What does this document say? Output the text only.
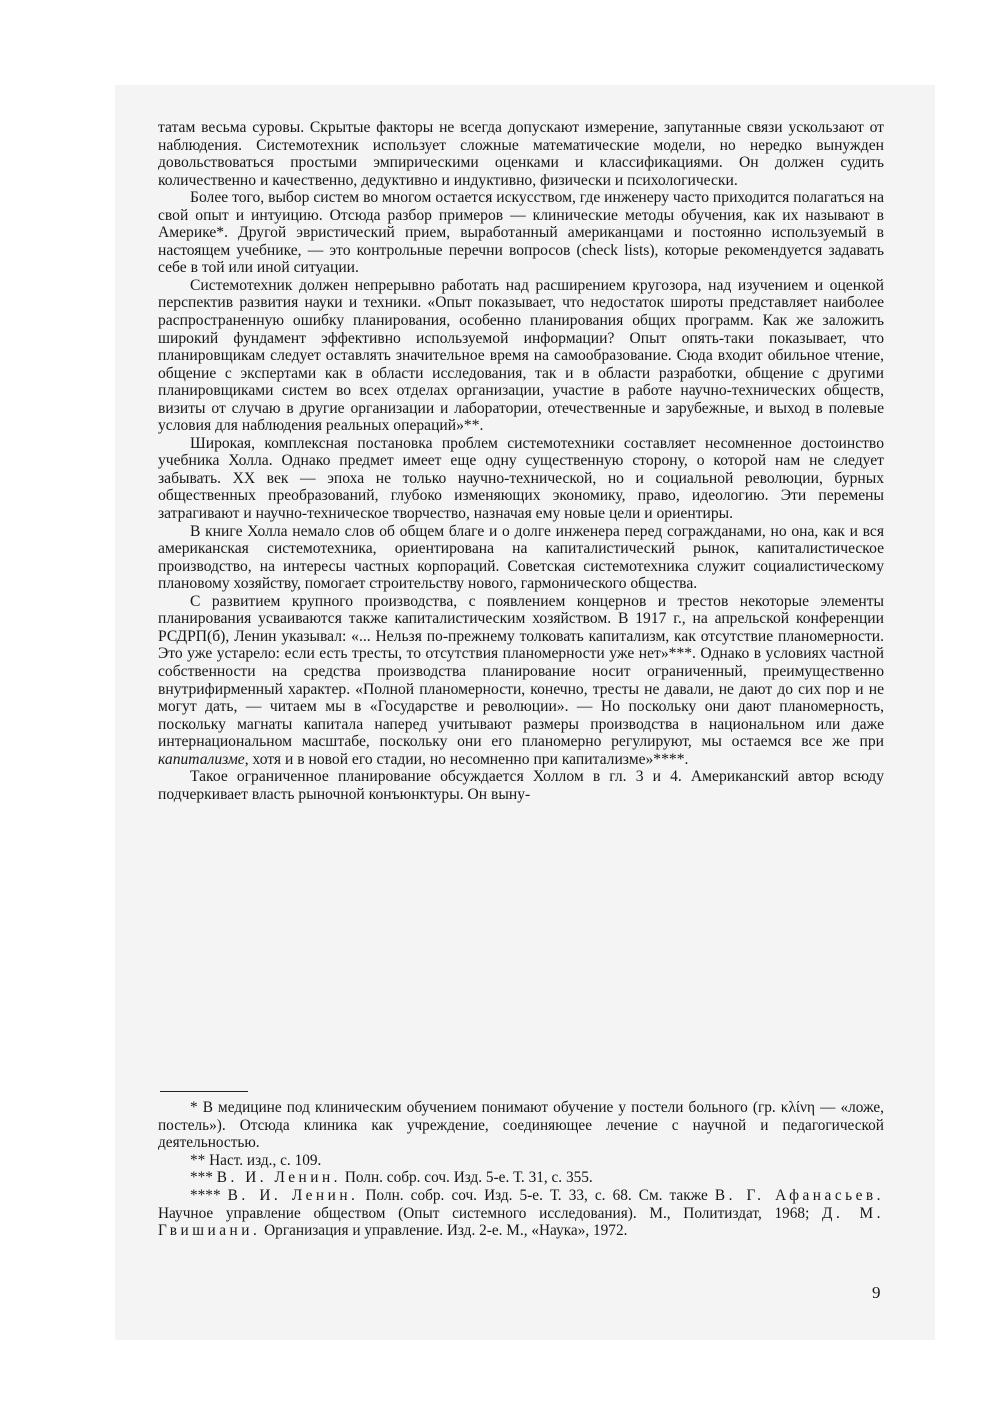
татам весьма суровы. Скрытые факторы не всегда допускают измерение, запутанные связи ускользают от наблюдения. Системотехник использует сложные математические модели, но нередко вынужден довольствоваться простыми эмпирическими оценками и классификациями. Он должен судить количественно и качественно, дедуктивно и индуктивно, физически и психологически.

Более того, выбор систем во многом остается искусством, где инженеру часто приходится полагаться на свой опыт и интуицию. Отсюда разбор примеров — клинические методы обучения, как их называют в Америке*. Другой эвристический прием, выработанный американцами и постоянно используемый в настоящем учебнике, — это контрольные перечни вопросов (check lists), которые рекомендуется задавать себе в той или иной ситуации.

Системотехник должен непрерывно работать над расширением кругозора, над изучением и оценкой перспектив развития науки и техники. «Опыт показывает, что недостаток широты представляет наиболее распространенную ошибку планирования, особенно планирования общих программ. Как же заложить широкий фундамент эффективно используемой информации? Опыт опять-таки показывает, что планировщикам следует оставлять значительное время на самообразование. Сюда входит обильное чтение, общение с экспертами как в области исследования, так и в области разработки, общение с другими планировщиками систем во всех отделах организации, участие в работе научно-технических обществ, визиты от случаю в другие организации и лаборатории, отечественные и зарубежные, и выход в полевые условия для наблюдения реальных операций»**.

Широкая, комплексная постановка проблем системотехники составляет несомненное достоинство учебника Холла. Однако предмет имеет еще одну существенную сторону, о которой нам не следует забывать. XX век — эпоха не только научно-технической, но и социальной революции, бурных общественных преобразований, глубоко изменяющих экономику, право, идеологию. Эти перемены затрагивают и научно-техническое творчество, назначая ему новые цели и ориентиры.

В книге Холла немало слов об общем благе и о долге инженера перед согражданами, но она, как и вся американская системотехника, ориентирована на капиталистический рынок, капиталистическое производство, на интересы частных корпораций. Советская системотехника служит социалистическому плановому хозяйству, помогает строительству нового, гармонического общества.

С развитием крупного производства, с появлением концернов и трестов некоторые элементы планирования усваиваются также капиталистическим хозяйством. В 1917 г., на апрельской конференции РСДРП(б), Ленин указывал: «... Нельзя по-прежнему толковать капитализм, как отсутствие планомерности. Это уже устарело: если есть тресты, то отсутствия планомерности уже нет»***. Однако в условиях частной собственности на средства производства планирование носит ограниченный, преимущественно внутрифирменный характер. «Полной планомерности, конечно, тресты не давали, не дают до сих пор и не могут дать, — читаем мы в «Государстве и революции». — Но поскольку они дают планомерность, поскольку магнаты капитала наперед учитывают размеры производства в национальном или даже интернациональном масштабе, поскольку они его планомерно регулируют, мы остаемся все же при капитализме, хотя и в новой его стадии, но несомненно при капитализме»****.

Такое ограниченное планирование обсуждается Холлом в гл. 3 и 4. Американский автор всюду подчеркивает власть рыночной конъюнктуры. Он выну-

* В медицине под клиническим обучением понимают обучение у постели больного (гр. κλίνη — «ложе, постель»). Отсюда клиника как учреждение, соединяющее лечение с научной и педагогической деятельностью.

** Наст. изд., с. 109.

*** В. И. Ленин. Полн. собр. соч. Изд. 5-е. Т. 31, с. 355.

**** В. И. Ленин. Полн. собр. соч. Изд. 5-е. Т. 33, с. 68. См. также В. Г. Афанасьев. Научное управление обществом (Опыт системного исследования). М., Политиздат, 1968; Д. М. Гвишиани. Организация и управление. Изд. 2-е. М., «Наука», 1972.

9
